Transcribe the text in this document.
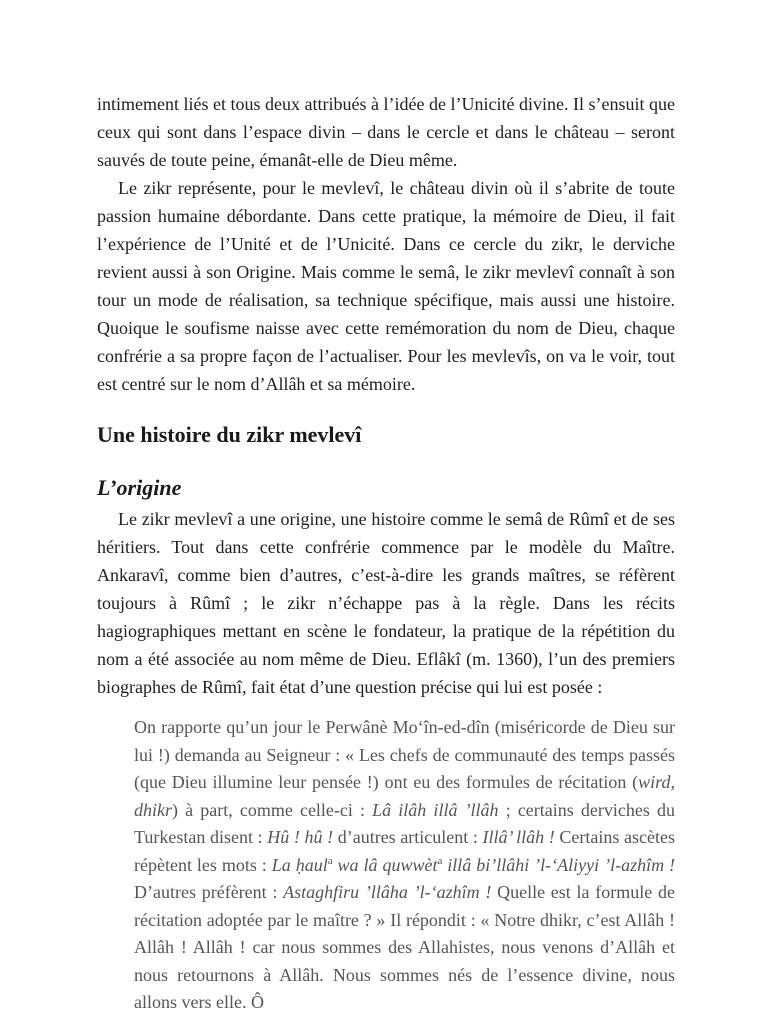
intimement liés et tous deux attribués à l’idée de l’Unicité divine. Il s’ensuit que ceux qui sont dans l’espace divin – dans le cercle et dans le château – seront sauvés de toute peine, émanât-elle de Dieu même.

Le zikr représente, pour le mevlevî, le château divin où il s’abrite de toute passion humaine débordante. Dans cette pratique, la mémoire de Dieu, il fait l’expérience de l’Unité et de l’Unicité. Dans ce cercle du zikr, le derviche revient aussi à son Origine. Mais comme le semâ, le zikr mevlevî connaît à son tour un mode de réalisation, sa technique spécifique, mais aussi une histoire. Quoique le soufisme naisse avec cette remémoration du nom de Dieu, chaque confrérie a sa propre façon de l’actualiser. Pour les mevlevîs, on va le voir, tout est centré sur le nom d’Allâh et sa mémoire.

Une histoire du zikr mevlevî
L’origine

Le zikr mevlevî a une origine, une histoire comme le semâ de Rûmî et de ses héritiers. Tout dans cette confrérie commence par le modèle du Maître. Ankaravî, comme bien d’autres, c’est-à-dire les grands maîtres, se réfèrent toujours à Rûmî ; le zikr n’échappe pas à la règle. Dans les récits hagiographiques mettant en scène le fondateur, la pratique de la répétition du nom a été associée au nom même de Dieu. Eflâkî (m. 1360), l’un des premiers biographes de Rûmî, fait état d’une question précise qui lui est posée :

On rapporte qu’un jour le Perwânè Mo‘în-ed-dîn (miséricorde de Dieu sur lui !) demanda au Seigneur : « Les chefs de communauté des temps passés (que Dieu illumine leur pensée !) ont eu des formules de récitation (wird, dhikr) à part, comme celle-ci : Lâ ilâh illâ ’llâh ; certains derviches du Turkestan disent : Hû ! hû ! d’autres articulent : Illâ’ llâh ! Certains ascètes répètent les mots : La ḥaul$^a$ wa lâ quwwèt$^a$ illâ bi’llâhi ’l-‘Aliyyi ’l-azhîm ! D’autres préfèrent : Astaghfiru ’llâha ’l-‘azhîm ! Quelle est la formule de récitation adoptée par le maître ? » Il répondit : « Notre dhikr, c’est Allâh ! Allâh ! Allâh ! car nous sommes des Allahistes, nous venons d’Allâh et nous retournons à Allâh. Nous sommes nés de l’essence divine, nous allons vers elle. Ô
